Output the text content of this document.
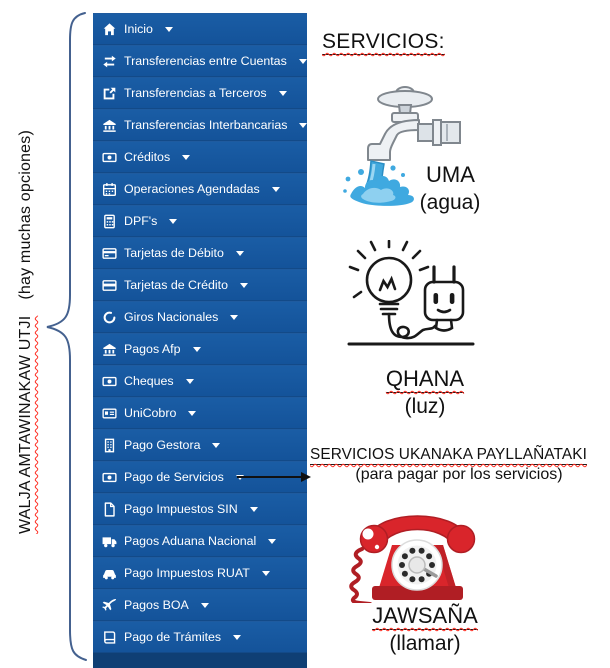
WALJA AMTAWINAKAW UTJI(hay muchas opciones)
Inicio
Transferencias entre Cuentas
Transferencias a Terceros
Transferencias Interbancarias
Créditos
Operaciones Agendadas
DPF's
Tarjetas de Débito
Tarjetas de Crédito
Giros Nacionales
Pagos Afp
Cheques
UniCobro
Pago Gestora
Pago de Servicios
Pago Impuestos SIN
Pagos Aduana Nacional
Pago Impuestos RUAT
Pagos BOA
Pago de Trámites
SERVICIOS:
UMA
(agua)
QHANA
(luz)
SERVICIOS UKANAKA PAYLLAÑATAKI
(para pagar por los servicios)
JAWSAÑA
(llamar)
